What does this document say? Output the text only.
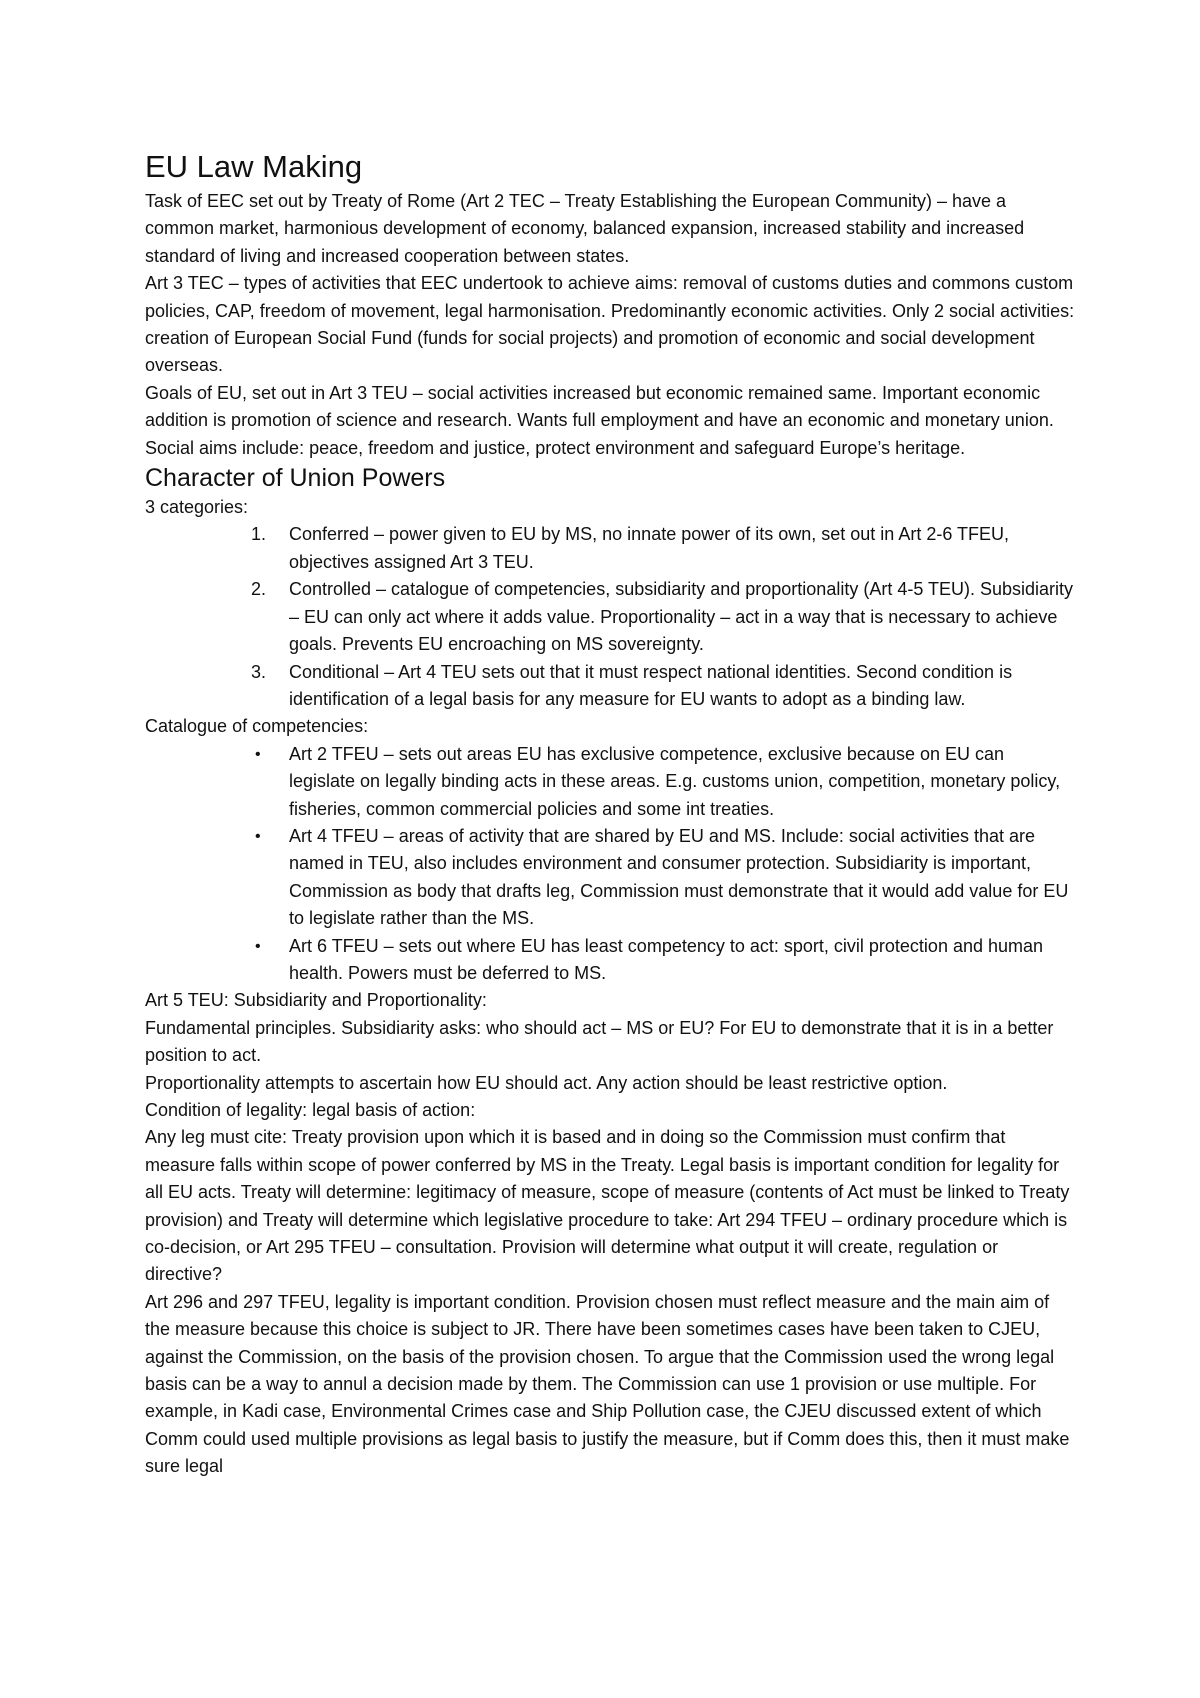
EU Law Making

Task of EEC set out by Treaty of Rome (Art 2 TEC – Treaty Establishing the European Community) – have a common market, harmonious development of economy, balanced expansion, increased stability and increased standard of living and increased cooperation between states.

Art 3 TEC – types of activities that EEC undertook to achieve aims: removal of customs duties and commons custom policies, CAP, freedom of movement, legal harmonisation. Predominantly economic activities. Only 2 social activities: creation of European Social Fund (funds for social projects) and promotion of economic and social development overseas.

Goals of EU, set out in Art 3 TEU – social activities increased but economic remained same. Important economic addition is promotion of science and research. Wants full employment and have an economic and monetary union. Social aims include: peace, freedom and justice, protect environment and safeguard Europe’s heritage.

Character of Union Powers

3 categories:

1.	Conferred – power given to EU by MS, no innate power of its own, set out in Art 2-6 TFEU, objectives assigned Art 3 TEU.
2.	Controlled – catalogue of competencies, subsidiarity and proportionality (Art 4-5 TEU). Subsidiarity – EU can only act where it adds value. Proportionality – act in a way that is necessary to achieve goals. Prevents EU encroaching on MS sovereignty.
3.	Conditional – Art 4 TEU sets out that it must respect national identities. Second condition is identification of a legal basis for any measure for EU wants to adopt as a binding law.

Catalogue of competencies:

•	Art 2 TFEU – sets out areas EU has exclusive competence, exclusive because on EU can legislate on legally binding acts in these areas. E.g. customs union, competition, monetary policy, fisheries, common commercial policies and some int treaties.
•	Art 4 TFEU – areas of activity that are shared by EU and MS. Include: social activities that are named in TEU, also includes environment and consumer protection. Subsidiarity is important, Commission as body that drafts leg, Commission must demonstrate that it would add value for EU to legislate rather than the MS.
•	Art 6 TFEU – sets out where EU has least competency to act: sport, civil protection and human health. Powers must be deferred to MS.

Art 5 TEU: Subsidiarity and Proportionality:

Fundamental principles. Subsidiarity asks: who should act – MS or EU? For EU to demonstrate that it is in a better position to act.

Proportionality attempts to ascertain how EU should act. Any action should be least restrictive option.

Condition of legality: legal basis of action:

Any leg must cite: Treaty provision upon which it is based and in doing so the Commission must confirm that measure falls within scope of power conferred by MS in the Treaty. Legal basis is important condition for legality for all EU acts. Treaty will determine: legitimacy of measure, scope of measure (contents of Act must be linked to Treaty provision) and Treaty will determine which legislative procedure to take: Art 294 TFEU – ordinary procedure which is co-decision, or Art 295 TFEU – consultation. Provision will determine what output it will create, regulation or directive?

Art 296 and 297 TFEU, legality is important condition. Provision chosen must reflect measure and the main aim of the measure because this choice is subject to JR. There have been sometimes cases have been taken to CJEU, against the Commission, on the basis of the provision chosen. To argue that the Commission used the wrong legal basis can be a way to annul a decision made by them. The Commission can use 1 provision or use multiple. For example, in Kadi case, Environmental Crimes case and Ship Pollution case, the CJEU discussed extent of which Comm could used multiple provisions as legal basis to justify the measure, but if Comm does this, then it must make sure legal
